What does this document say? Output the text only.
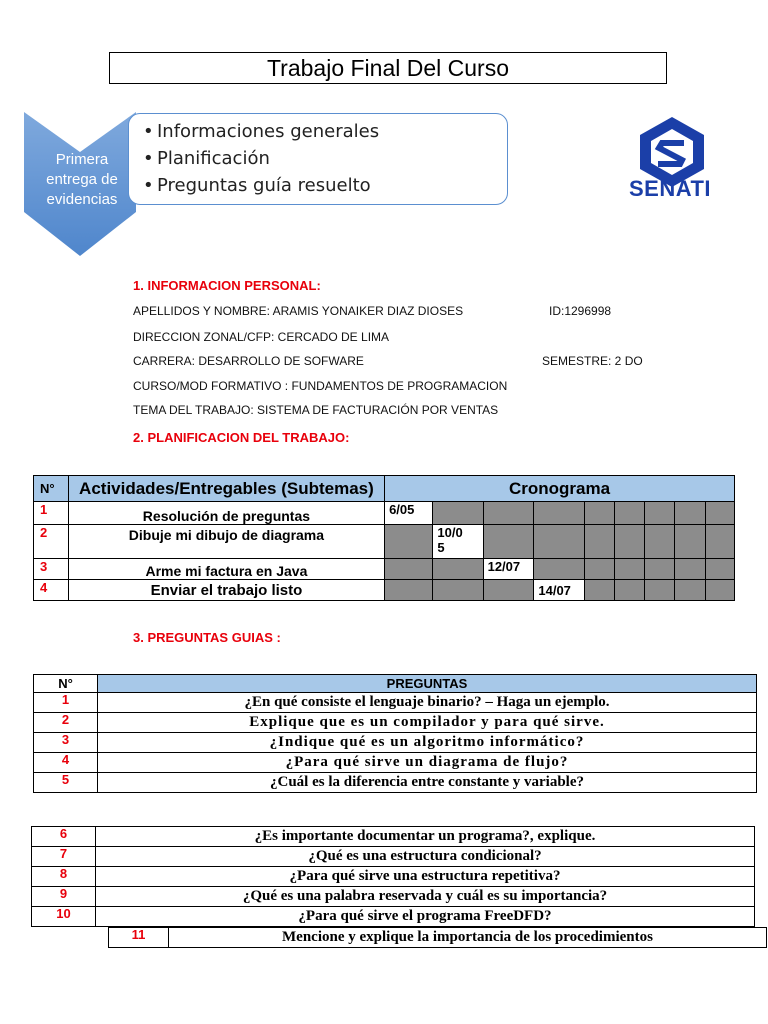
Trabajo Final Del Curso
Primera entrega de evidencias
• Informaciones generales
• Planificación
• Preguntas guía resuelto	SENATI
1. INFORMACION PERSONAL:
APELLIDOS Y NOMBRE: ARAMIS YONAIKER DIAZ DIOSES	ID:1296998
DIRECCION ZONAL/CFP: CERCADO DE LIMA
CARRERA: DESARROLLO DE SOFWARE	SEMESTRE: 2 DO
CURSO/MOD FORMATIVO : FUNDAMENTOS DE PROGRAMACION
TEMA DEL TRABAJO: SISTEMA DE FACTURACIÓN POR VENTAS
2. PLANIFICACION DEL TRABAJO:
N°	Actividades/Entregables (Subtemas)	Cronograma								
1	Resolución de preguntas	6/05								
2	Dibuje mi dibujo de diagrama		10/0
5							
3	Arme mi factura en Java			12/07						
4	Enviar el trabajo listo				14/07					
3. PREGUNTAS GUIAS :
N°	PREGUNTAS
1	¿En qué consiste el lenguaje binario? – Haga un ejemplo.
2	Explique que es un compilador y para qué sirve.
3	¿Indique qué es un algoritmo informático?
4	¿Para qué sirve un diagrama de flujo?
5	¿Cuál es la diferencia entre constante y variable?
6	¿Es importante documentar un programa?, explique.
7	¿Qué es una estructura condicional?
8	¿Para qué sirve una estructura repetitiva?
9	¿Qué es una palabra reservada y cuál es su importancia?
10	¿Para qué sirve el programa FreeDFD?
11	Mencione y explique la importancia de los procedimientos
